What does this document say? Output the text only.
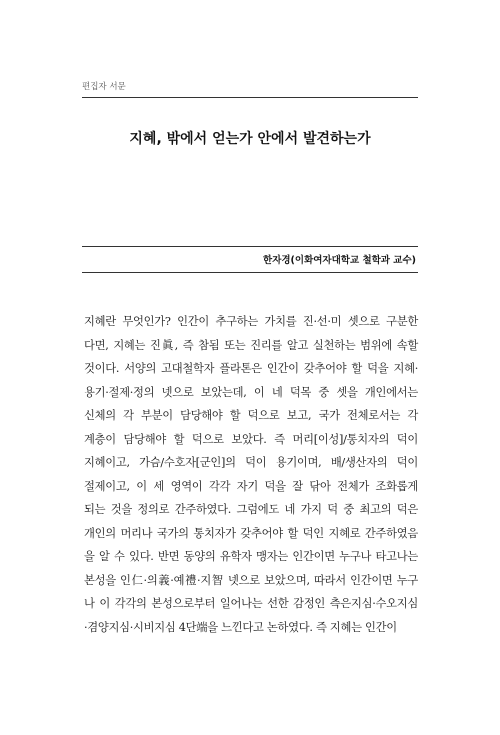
편집자 서문
지혜, 밖에서 얻는가 안에서 발견하는가
한자경(이화여자대학교 철학과 교수)
지혜란 무엇인가? 인간이 추구하는 가치를 진·선·미 셋으로 구분한
다면, 지혜는 진眞, 즉 참됨 또는 진리를 알고 실천하는 범위에 속할
것이다. 서양의 고대철학자 플라톤은 인간이 갖추어야 할 덕을 지혜·
용기·절제·정의 넷으로 보았는데, 이 네 덕목 중 셋을 개인에서는
신체의 각 부분이 담당해야 할 덕으로 보고, 국가 전체로서는 각
계층이 담당해야 할 덕으로 보았다. 즉 머리[이성]/통치자의 덕이
지혜이고, 가슴/수호자[군인]의 덕이 용기이며, 배/생산자의 덕이
절제이고, 이 세 영역이 각각 자기 덕을 잘 닦아 전체가 조화롭게
되는 것을 정의로 간주하였다. 그럼에도 네 가지 덕 중 최고의 덕은
개인의 머리나 국가의 통치자가 갖추어야 할 덕인 지혜로 간주하였음
을 알 수 있다. 반면 동양의 유학자 맹자는 인간이면 누구나 타고나는
본성을 인仁·의義·예禮·지智 넷으로 보았으며, 따라서 인간이면 누구
나 이 각각의 본성으로부터 일어나는 선한 감정인 측은지심·수오지심
·겸양지심·시비지심 4단端을 느낀다고 논하였다. 즉 지혜는 인간이
